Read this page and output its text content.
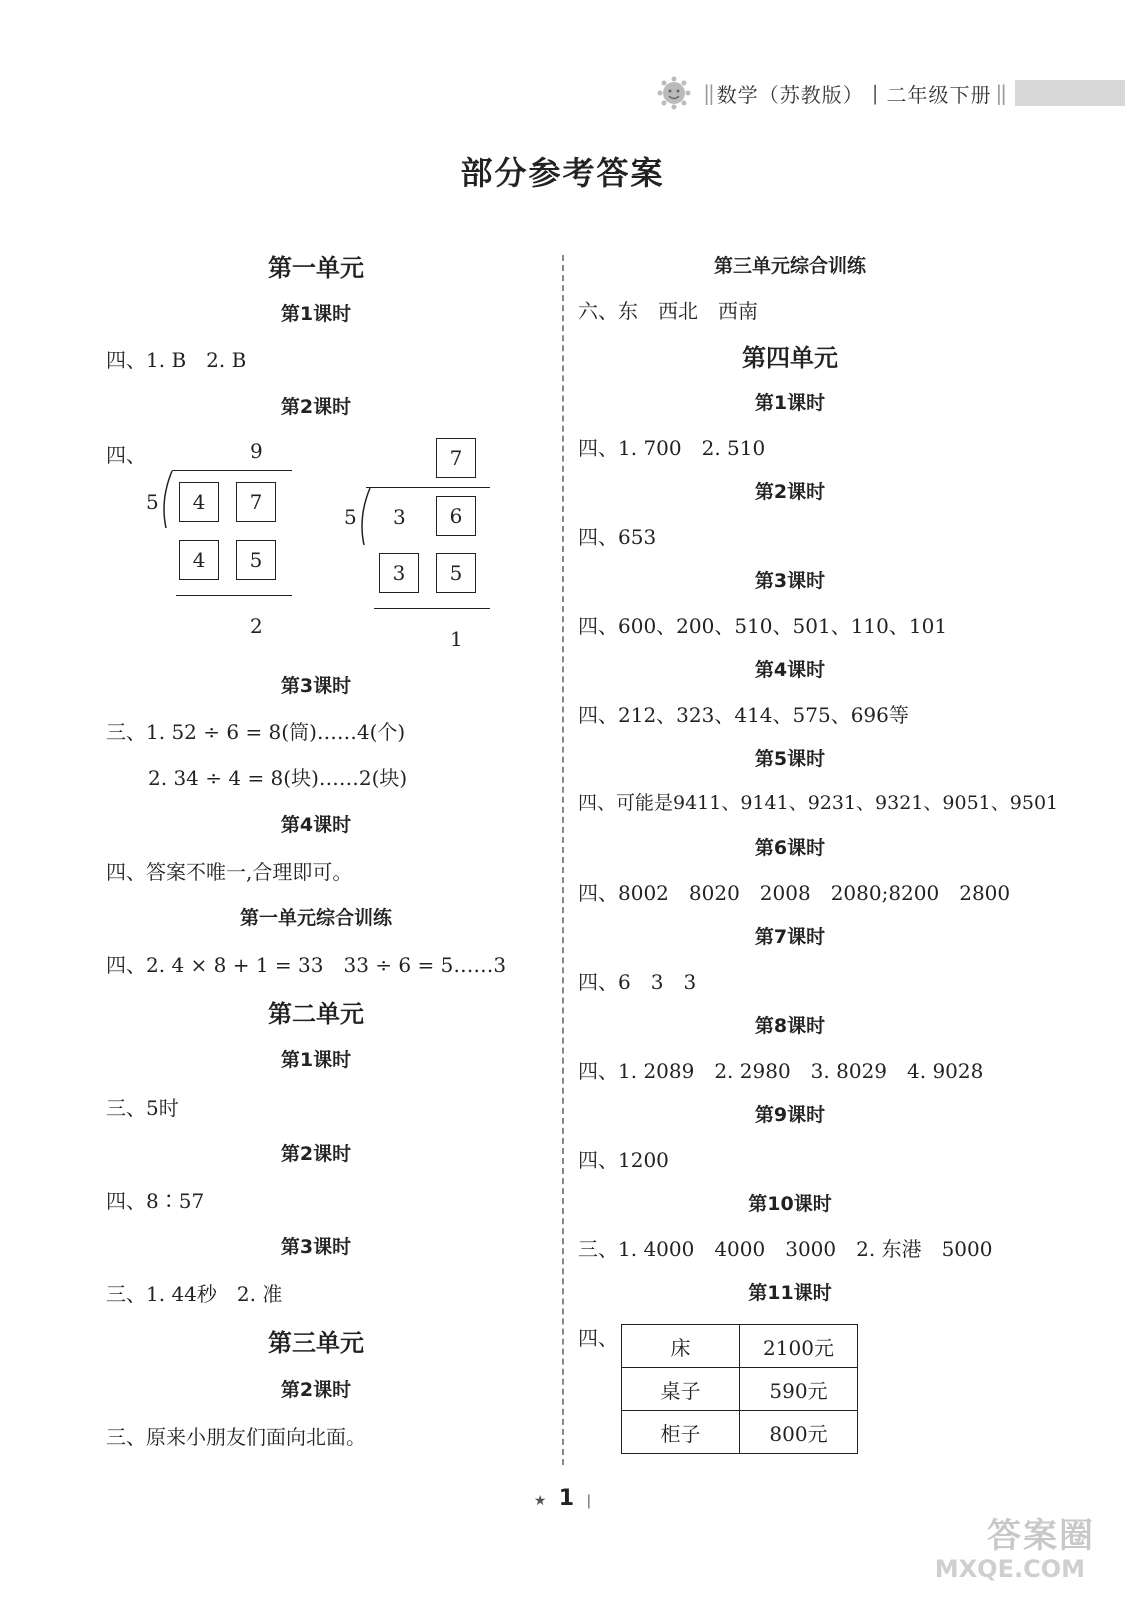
|| 数学（苏教版） | 二年级下册 ||
部分参考答案
第一单元
第1课时
四、1. B　2. B
第2课时
四、	9
5	4	7
4	5
2
7
5 3	6
3	5
1
第3课时
三、1. 52 ÷ 6 = 8(筒)……4(个)
2. 34 ÷ 4 = 8(块)……2(块)
第4课时
四、答案不唯一,合理即可。
第一单元综合训练
四、2. 4 × 8 + 1 = 33　33 ÷ 6 = 5……3
第二单元
第1课时
三、5时
第2课时
四、8∶57
第3课时
三、1. 44秒　2. 准
第三单元
第2课时
三、原来小朋友们面向北面。
第三单元综合训练
六、东　西北　西南
第四单元
第1课时
四、1. 700　2. 510
第2课时
四、653
第3课时
四、600、200、510、501、110、101
第4课时
四、212、323、414、575、696等
第5课时
四、可能是9411、9141、9231、9321、9051、9501
第6课时
四、8002　8020　2008　2080;8200　2800
第7课时
四、6　3　3
第8课时
四、1. 2089　2. 2980　3. 8029　4. 9028
第9课时
四、1200
第10课时
三、1. 4000　4000　3000　2. 东港　5000
第11课时
四、	床	2100元
桌子	590元
柜子	800元
★ 1 |
答案圈
MXQE.COM
